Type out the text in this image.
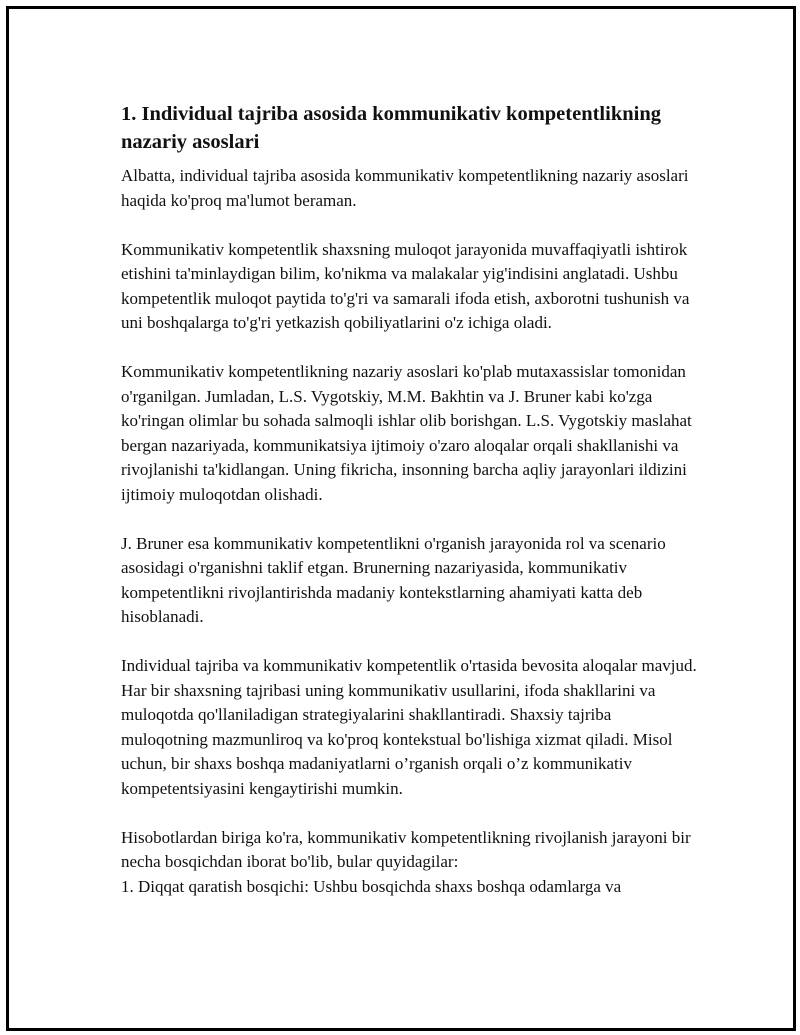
1. Individual tajriba asosida kommunikativ kompetentlikning nazariy asoslari

Albatta, individual tajriba asosida kommunikativ kompetentlikning nazariy asoslari haqida ko'proq ma'lumot beraman.

Kommunikativ kompetentlik shaxsning muloqot jarayonida muvaffaqiyatli ishtirok etishini ta'minlaydigan bilim, ko'nikma va malakalar yig'indisini anglatadi. Ushbu kompetentlik muloqot paytida to'g'ri va samarali ifoda etish, axborotni tushunish va uni boshqalarga to'g'ri yetkazish qobiliyatlarini o'z ichiga oladi.

Kommunikativ kompetentlikning nazariy asoslari ko'plab mutaxassislar tomonidan o'rganilgan. Jumladan, L.S. Vygotskiy, M.M. Bakhtin va J. Bruner kabi ko'zga ko'ringan olimlar bu sohada salmoqli ishlar olib borishgan. L.S. Vygotskiy maslahat bergan nazariyada, kommunikatsiya ijtimoiy o'zaro aloqalar orqali shakllanishi va rivojlanishi ta'kidlangan. Uning fikricha, insonning barcha aqliy jarayonlari ildizini ijtimoiy muloqotdan olishadi.

J. Bruner esa kommunikativ kompetentlikni o'rganish jarayonida rol va scenario asosidagi o'rganishni taklif etgan. Brunerning nazariyasida, kommunikativ kompetentlikni rivojlantirishda madaniy kontekstlarning ahamiyati katta deb hisoblanadi.

Individual tajriba va kommunikativ kompetentlik o'rtasida bevosita aloqalar mavjud. Har bir shaxsning tajribasi uning kommunikativ usullarini, ifoda shakllarini va muloqotda qo'llaniladigan strategiyalarini shakllantiradi. Shaxsiy tajriba muloqotning mazmunliroq va ko'proq kontekstual bo'lishiga xizmat qiladi. Misol uchun, bir shaxs boshqa madaniyatlarni o’rganish orqali o’z kommunikativ kompetentsiyasini kengaytirishi mumkin.

Hisobotlardan biriga ko'ra, kommunikativ kompetentlikning rivojlanish jarayoni bir necha bosqichdan iborat bo'lib, bular quyidagilar:

1. Diqqat qaratish bosqichi: Ushbu bosqichda shaxs boshqa odamlarga va
